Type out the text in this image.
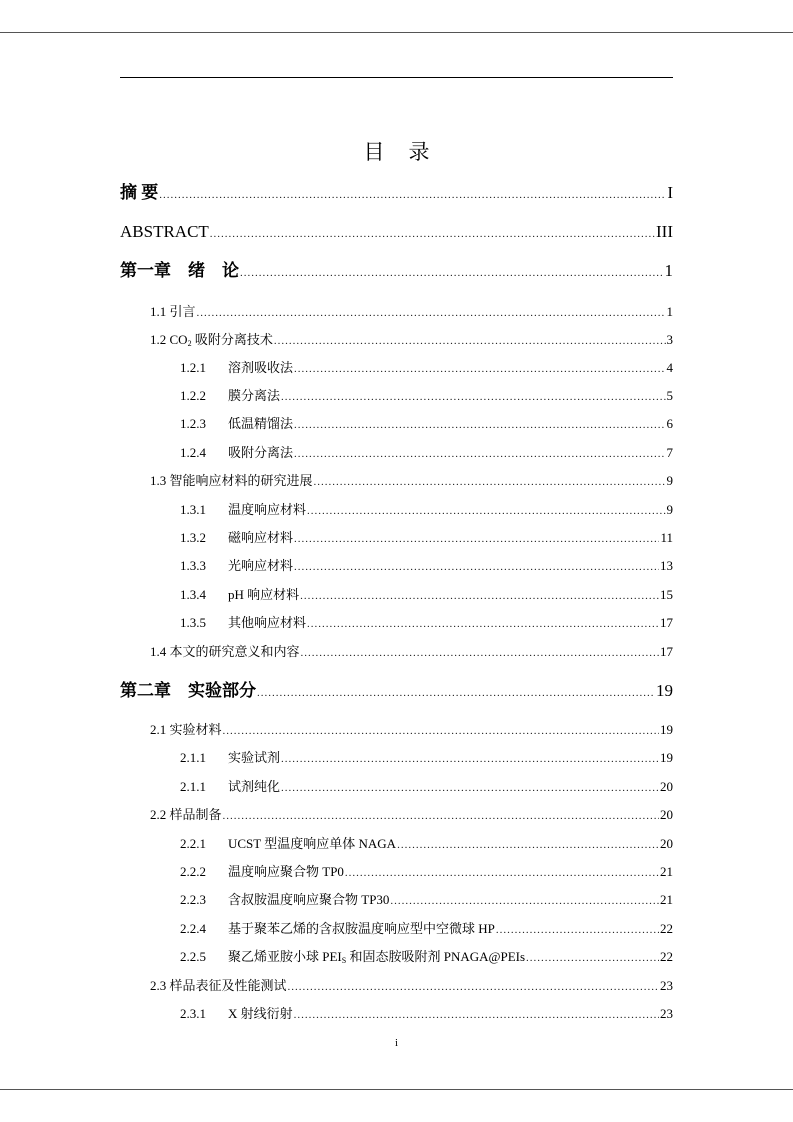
目 录
摘 要 .....	I
ABSTRACT .....	III
第一章　绪　论 .....	1
1.1 引言 .....	1
1.2 $CO_2$ 吸附分离技术 .....	3
1.2.1	溶剂吸收法 .....	4
1.2.2	膜分离法 .....	5
1.2.3	低温精馏法 .....	6
1.2.4	吸附分离法 .....	7
1.3 智能响应材料的研究进展 .....	9
1.3.1	温度响应材料 .....	9
1.3.2	磁响应材料 .....	11
1.3.3	光响应材料 .....	13
1.3.4	pH 响应材料 .....	15
1.3.5	其他响应材料 .....	17
1.4 本文的研究意义和内容 .....	17
第二章　实验部分 .....	19
2.1 实验材料 .....	19
2.1.1	实验试剂 .....	19
2.1.1	试剂纯化 .....	20
2.2 样品制备 .....	20
2.2.1	UCST 型温度响应单体 NAGA .....	20
2.2.2	温度响应聚合物 TP0 .....	21
2.2.3	含叔胺温度响应聚合物 TP30 .....	21
2.2.4	基于聚苯乙烯的含叔胺温度响应型中空微球 HP .....	22
2.2.5	聚乙烯亚胺小球 $PEI_S$ 和固态胺吸附剂 PNAGA@PEIs .....	22
2.3 样品表征及性能测试 .....	23
2.3.1	X 射线衍射 .....	23
i
